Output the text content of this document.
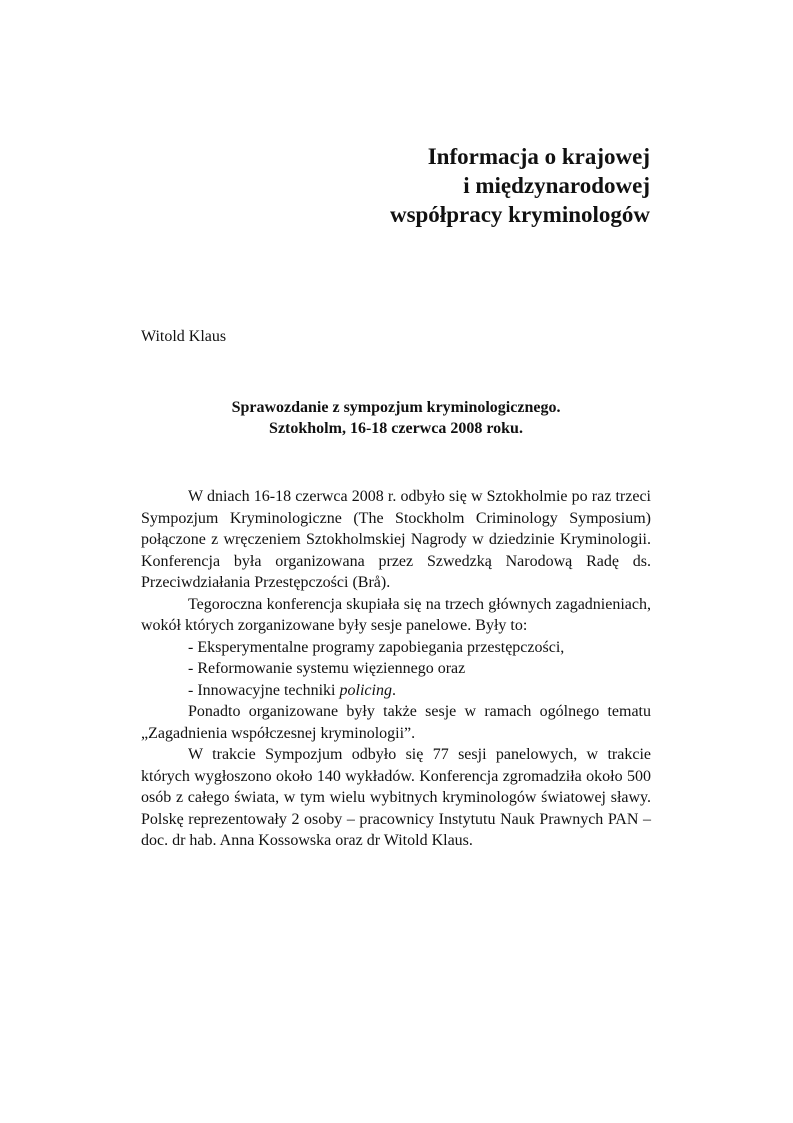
Informacja o krajowej
i międzynarodowej
współpracy kryminologów
Witold Klaus
Sprawozdanie z sympozjum kryminologicznego.
Sztokholm, 16-18 czerwca 2008 roku.

W dniach 16-18 czerwca 2008 r. odbyło się w Sztokholmie po raz trzeci Sympozjum Kryminologiczne (The Stockholm Criminology Symposium) połączone z wręczeniem Sztokholmskiej Nagrody w dziedzinie Kryminologii. Konferencja była organizowana przez Szwedzką Narodową Radę ds. Przeciwdziałania Przestępczości (Brå).

Tegoroczna konferencja skupiała się na trzech głównych zagadnieniach, wokół których zorganizowane były sesje panelowe. Były to:

- Eksperymentalne programy zapobiegania przestępczości,
- Reformowanie systemu więziennego oraz
- Innowacyjne techniki policing.

Ponadto organizowane były także sesje w ramach ogólnego tematu „Zagadnienia współczesnej kryminologii”.

W trakcie Sympozjum odbyło się 77 sesji panelowych, w trakcie których wygłoszono około 140 wykładów. Konferencja zgromadziła około 500 osób z całego świata, w tym wielu wybitnych kryminologów światowej sławy. Polskę reprezentowały 2 osoby – pracownicy Instytutu Nauk Prawnych PAN – doc. dr hab. Anna Kossowska oraz dr Witold Klaus.
